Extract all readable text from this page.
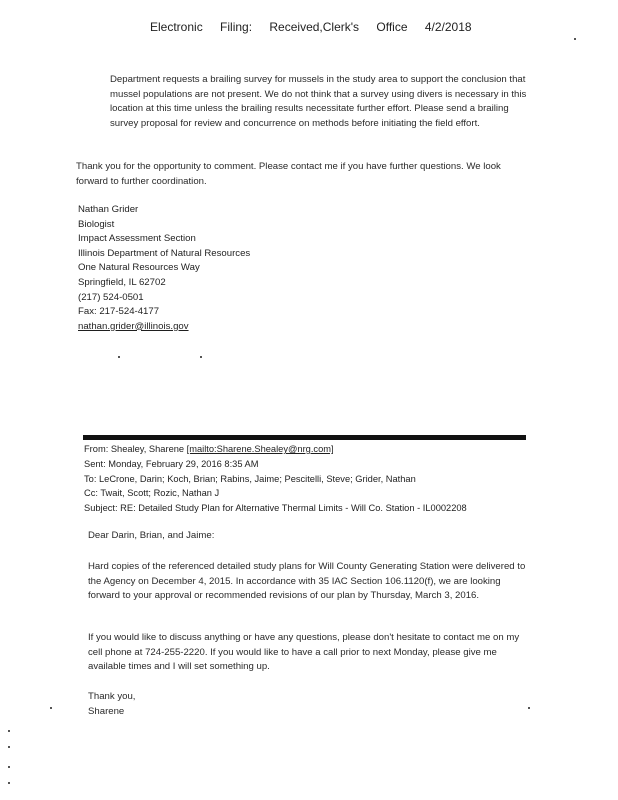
Electronic Filing: Received,Clerk's Office 4/2/2018

Department requests a brailing survey for mussels in the study area to support the conclusion that mussel populations are not present. We do not think that a survey using divers is necessary in this location at this time unless the brailing results necessitate further effort. Please send a brailing survey proposal for review and concurrence on methods before initiating the field effort.

Thank you for the opportunity to comment. Please contact me if you have further questions. We look forward to further coordination.

Nathan Grider
Biologist
Impact Assessment Section
Illinois Department of Natural Resources
One Natural Resources Way
Springfield, IL 62702
(217) 524-0501
Fax: 217-524-4177
nathan.grider@illinois.gov
From: Shealey, Sharene [mailto:Sharene.Shealey@nrg.com]
Sent: Monday, February 29, 2016 8:35 AM
To: LeCrone, Darin; Koch, Brian; Rabins, Jaime; Pescitelli, Steve; Grider, Nathan
Cc: Twait, Scott; Rozic, Nathan J
Subject: RE: Detailed Study Plan for Alternative Thermal Limits - Will Co. Station - IL0002208
Dear Darin, Brian, and Jaime:

Hard copies of the referenced detailed study plans for Will County Generating Station were delivered to the Agency on December 4, 2015. In accordance with 35 IAC Section 106.1120(f), we are looking forward to your approval or recommended revisions of our plan by Thursday, March 3, 2016.

If you would like to discuss anything or have any questions, please don't hesitate to contact me on my cell phone at 724-255-2220. If you would like to have a call prior to next Monday, please give me available times and I will set something up.

Thank you,
Sharene
